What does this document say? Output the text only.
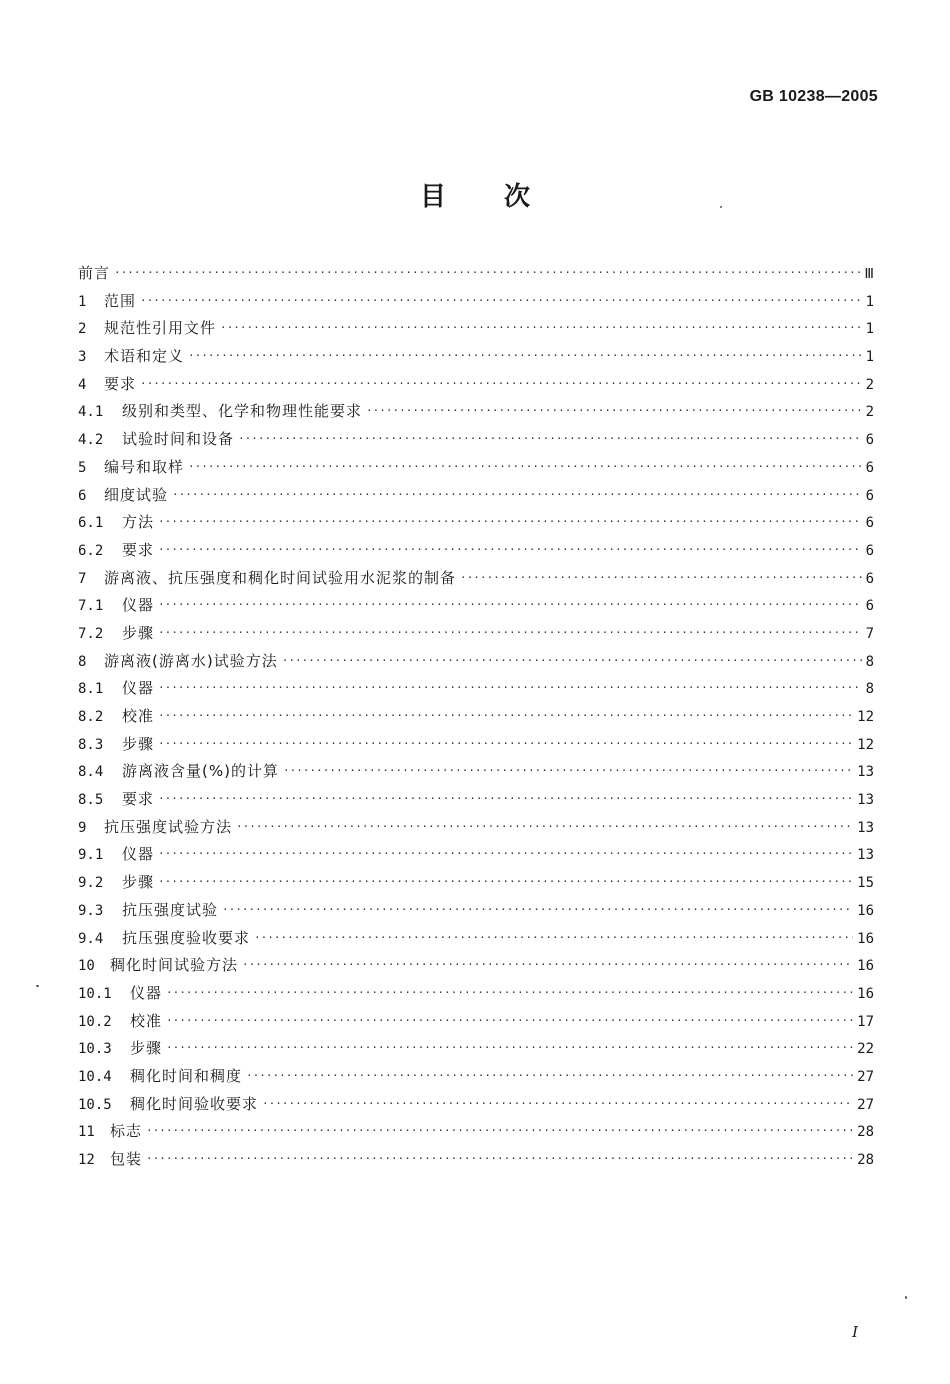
GB 10238—2005
目 次
前言 ·····	Ⅲ
1	范围 ·····	1
2	规范性引用文件 ·····	1
3	术语和定义 ·····	1
4	要求 ·····	2
4.1	级别和类型、化学和物理性能要求 ·····	2
4.2	试验时间和设备 ·····	6
5	编号和取样 ·····	6
6	细度试验 ·····	6
6.1	方法 ·····	6
6.2	要求 ·····	6
7	游离液、抗压强度和稠化时间试验用水泥浆的制备 ·····	6
7.1	仪器 ·····	6
7.2	步骤 ·····	7
8	游离液(游离水)试验方法 ·····	8
8.1	仪器 ·····	8
8.2	校准 ·····	12
8.3	步骤 ·····	12
8.4	游离液含量(%)的计算 ·····	13
8.5	要求 ·····	13
9	抗压强度试验方法 ·····	13
9.1	仪器 ·····	13
9.2	步骤 ·····	15
9.3	抗压强度试验 ·····	16
9.4	抗压强度验收要求 ·····	16
10	稠化时间试验方法 ·····	16
10.1	仪器 ·····	16
10.2	校准 ·····	17
10.3	步骤 ·····	22
10.4	稠化时间和稠度 ·····	27
10.5	稠化时间验收要求 ·····	27
11	标志 ·····	28
12	包装 ·····	28
I
